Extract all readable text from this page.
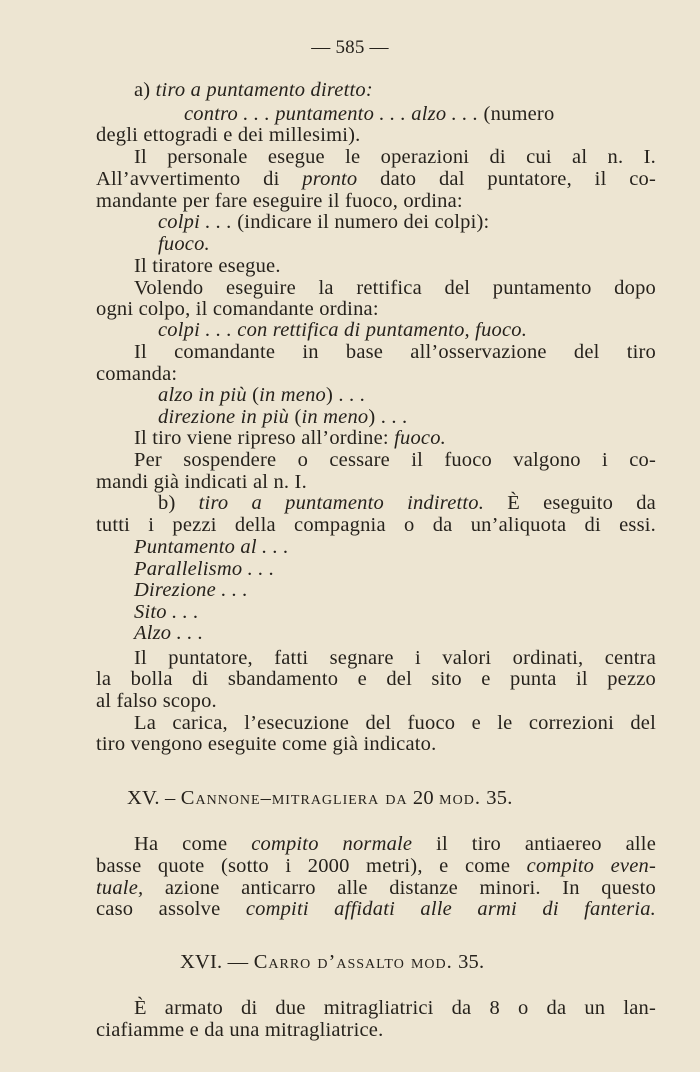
— 585 —
a) tiro a puntamento diretto:
contro . . . puntamento . . . alzo . . . (numero
degli ettogradi e dei millesimi).
Il personale esegue le operazioni di cui al n. I.
All’avvertimento di pronto dato dal puntatore, il co-
mandante per fare eseguire il fuoco, ordina:
colpi . . . (indicare il numero dei colpi):
fuoco.
Il tiratore esegue.
Volendo eseguire la rettifica del puntamento dopo
ogni colpo, il comandante ordina:
colpi . . . con rettifica di puntamento, fuoco.
Il comandante in base all’osservazione del tiro
comanda:
alzo in più (in meno) . . .
direzione in più (in meno) . . .
Il tiro viene ripreso all’ordine: fuoco.
Per sospendere o cessare il fuoco valgono i co-
mandi già indicati al n. I.
b) tiro a puntamento indiretto. È eseguito da
tutti i pezzi della compagnia o da un’aliquota di essi.
Puntamento al . . .
Parallelismo . . .
Direzione . . .
Sito . . .
Alzo . . .
Il puntatore, fatti segnare i valori ordinati, centra
la bolla di sbandamento e del sito e punta il pezzo
al falso scopo.
La carica, l’esecuzione del fuoco e le correzioni del
tiro vengono eseguite come già indicato.
XV. – Cannone–mitragliera da 20 mod. 35.
Ha come compito normale il tiro antiaereo alle
basse quote (sotto i 2000 metri), e come compito even-
tuale, azione anticarro alle distanze minori. In questo
caso assolve compiti affidati alle armi di fanteria.
XVI. — Carro d’assalto mod. 35.
È armato di due mitragliatrici da 8 o da un lan-
ciafiamme e da una mitragliatrice.
